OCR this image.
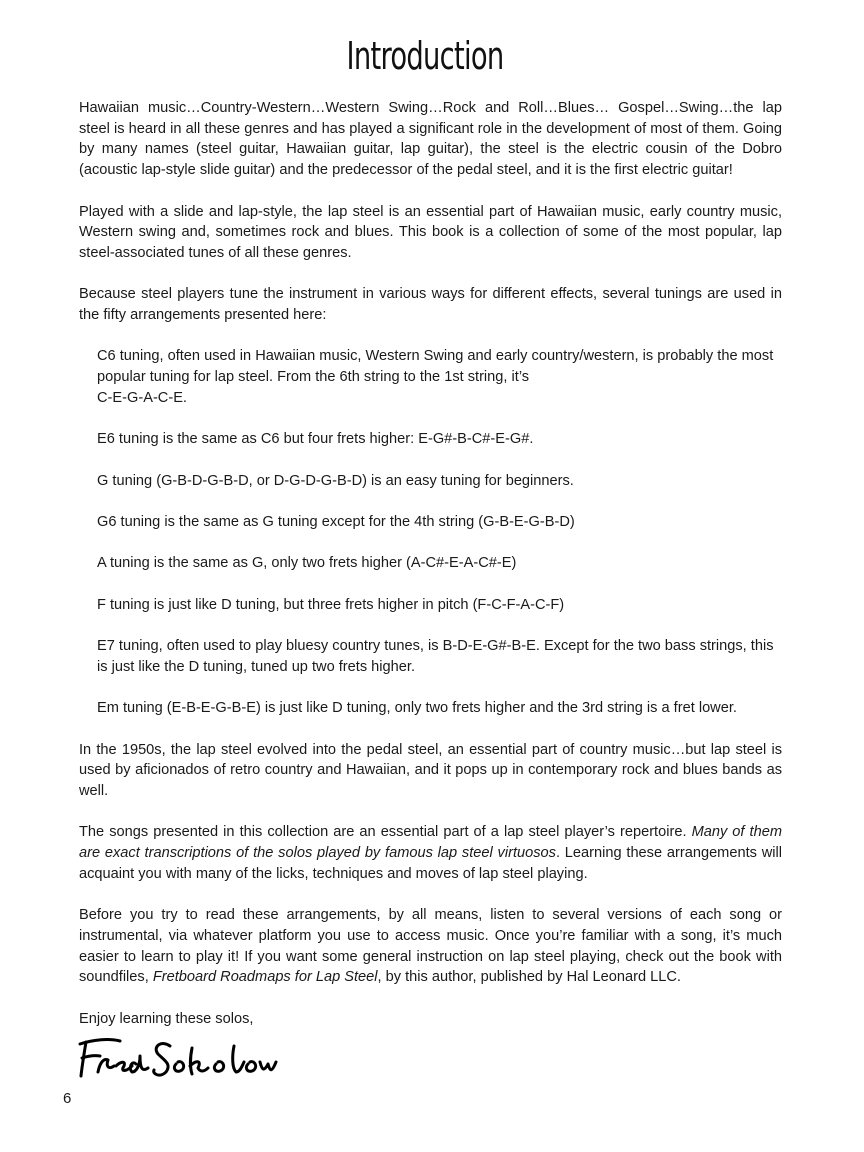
Introduction

Hawaiian music…Country-Western…Western Swing…Rock and Roll…Blues… Gospel…Swing…the lap steel is heard in all these genres and has played a significant role in the development of most of them. Going by many names (steel guitar, Hawaiian guitar, lap guitar), the steel is the electric cousin of the Dobro (acoustic lap-style slide guitar) and the predecessor of the pedal steel, and it is the first electric guitar!

Played with a slide and lap-style, the lap steel is an essential part of Hawaiian music, early country music, Western swing and, sometimes rock and blues. This book is a collection of some of the most popular, lap steel-associated tunes of all these genres.

Because steel players tune the instrument in various ways for different effects, several tunings are used in the fifty arrangements presented here:

C6 tuning, often used in Hawaiian music, Western Swing and early country/western, is probably the most popular tuning for lap steel. From the 6th string to the 1st string, it’s
C-E-G-A-C-E.

E6 tuning is the same as C6 but four frets higher: E-G#-B-C#-E-G#.

G tuning (G-B-D-G-B-D, or D-G-D-G-B-D) is an easy tuning for beginners.

G6 tuning is the same as G tuning except for the 4th string (G-B-E-G-B-D)

A tuning is the same as G, only two frets higher (A-C#-E-A-C#-E)

F tuning is just like D tuning, but three frets higher in pitch (F-C-F-A-C-F)

E7 tuning, often used to play bluesy country tunes, is B-D-E-G#-B-E. Except for the two bass strings, this is just like the D tuning, tuned up two frets higher.

Em tuning (E-B-E-G-B-E) is just like D tuning, only two frets higher and the 3rd string is a fret lower.

In the 1950s, the lap steel evolved into the pedal steel, an essential part of country music…but lap steel is used by aficionados of retro country and Hawaiian, and it pops up in contemporary rock and blues bands as well.

The songs presented in this collection are an essential part of a lap steel player’s repertoire. Many of them are exact transcriptions of the solos played by famous lap steel virtuosos. Learning these arrangements will acquaint you with many of the licks, techniques and moves of lap steel playing.

Before you try to read these arrangements, by all means, listen to several versions of each song or instrumental, via whatever platform you use to access music. Once you’re familiar with a song, it’s much easier to learn to play it! If you want some general instruction on lap steel playing, check out the book with soundfiles, Fretboard Roadmaps for Lap Steel, by this author, published by Hal Leonard LLC.

Enjoy learning these solos,

6
